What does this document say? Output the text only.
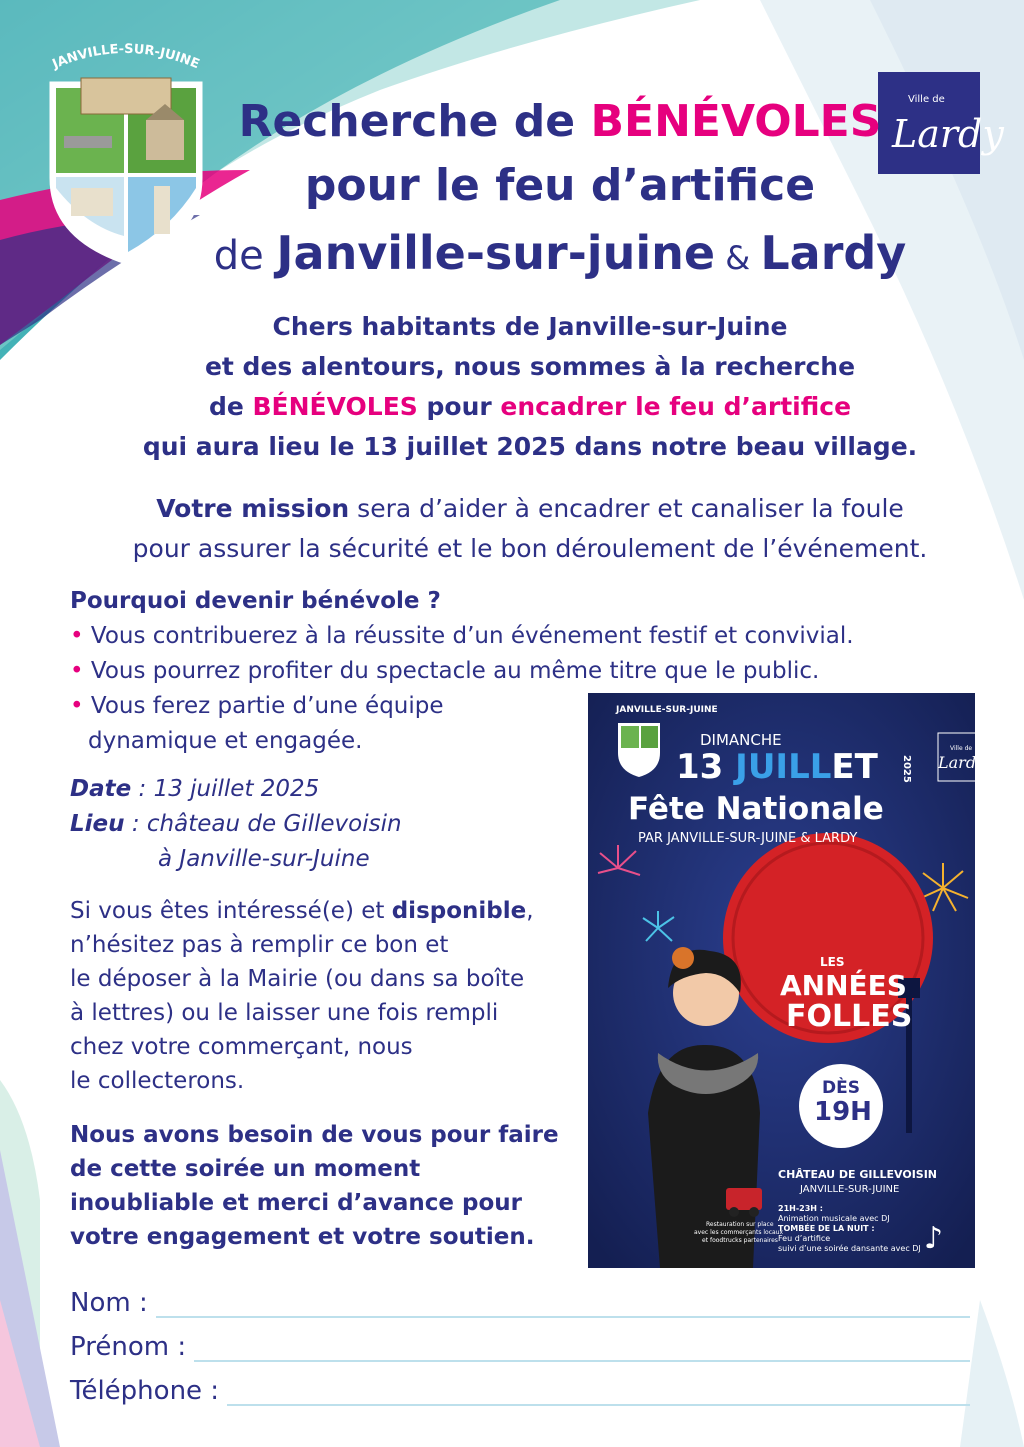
JANVILLE-SUR-JUINE
Ville de
Lardy
Recherche de BÉNÉVOLES
pour le feu d’artifice
de Janville-sur-juine & Lardy
Chers habitants de Janville-sur-Juine
et des alentours, nous sommes à la recherche
de BÉNÉVOLES pour encadrer le feu d’artifice
qui aura lieu le 13 juillet 2025 dans notre beau village.
Votre mission sera d’aider à encadrer et canaliser la foule
pour assurer la sécurité et le bon déroulement de l’événement.
Pourquoi devenir bénévole ?
• Vous contribuerez à la réussite d’un événement festif et convivial.
• Vous pourrez profiter du spectacle au même titre que le public.
• Vous ferez partie d’une équipe
dynamique et engagée.
Date : 13 juillet 2025
Lieu : château de Gillevoisin
à Janville-sur-Juine
Si vous êtes intéressé(e) et disponible,
n’hésitez pas à remplir ce bon et
le déposer à la Mairie (ou dans sa boîte
à lettres) ou le laisser une fois rempli
chez votre commerçant, nous
le collecterons.
Nous avons besoin de vous pour faire
de cette soirée un moment
inoubliable et merci d’avance pour
votre engagement et votre soutien.
Nom :
Prénom :
Téléphone :
JANVILLE-SUR-JUINE
Ville de
Lardy
DIMANCHE
13 JUILLET 2025
Fête Nationale
PAR JANVILLE-SUR-JUINE & LARDY
LES
ANNÉES
FOLLES
DÈS
19H
CHÂTEAU DE GILLEVOISIN
JANVILLE-SUR-JUINE
21H-23H :
Animation musicale avec DJ
TOMBÉE DE LA NUIT :
Feu d’artifice
suivi d’une soirée dansante avec DJ
Restauration sur place
avec les commerçants locaux
et foodtrucks partenaires	♪
